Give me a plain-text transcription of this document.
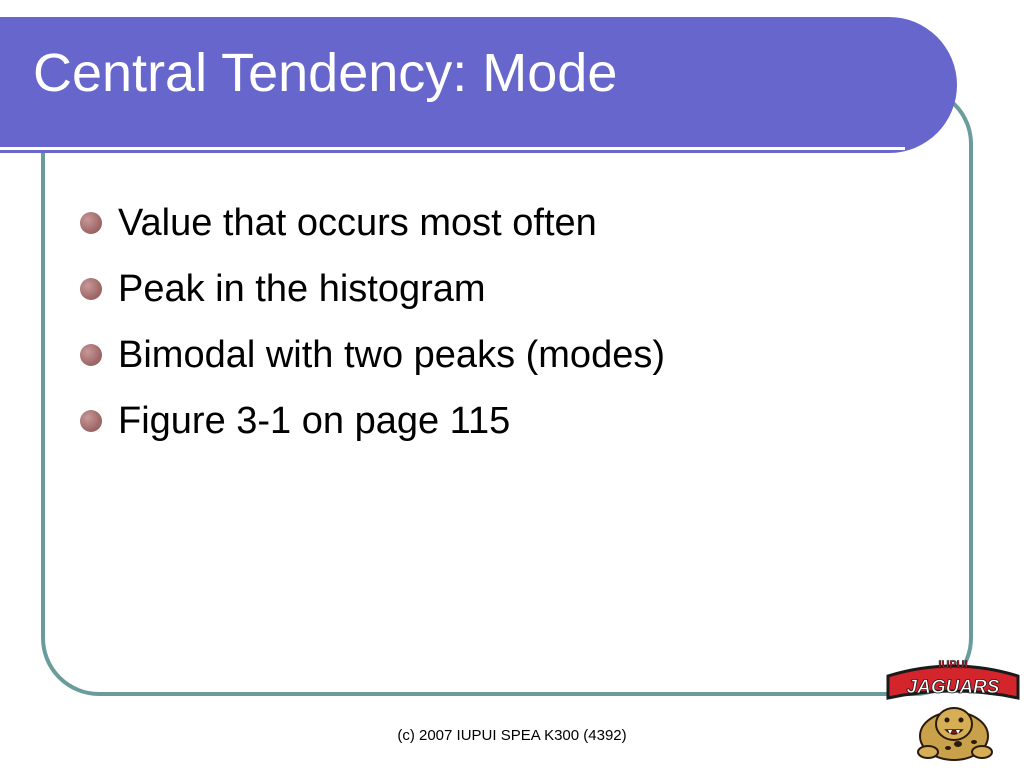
Central Tendency: Mode
Value that occurs most often
Peak in the histogram
Bimodal with two peaks (modes)
Figure 3-1 on page 115
(c) 2007 IUPUI SPEA K300 (4392)
IUPUI
JAGUARS
